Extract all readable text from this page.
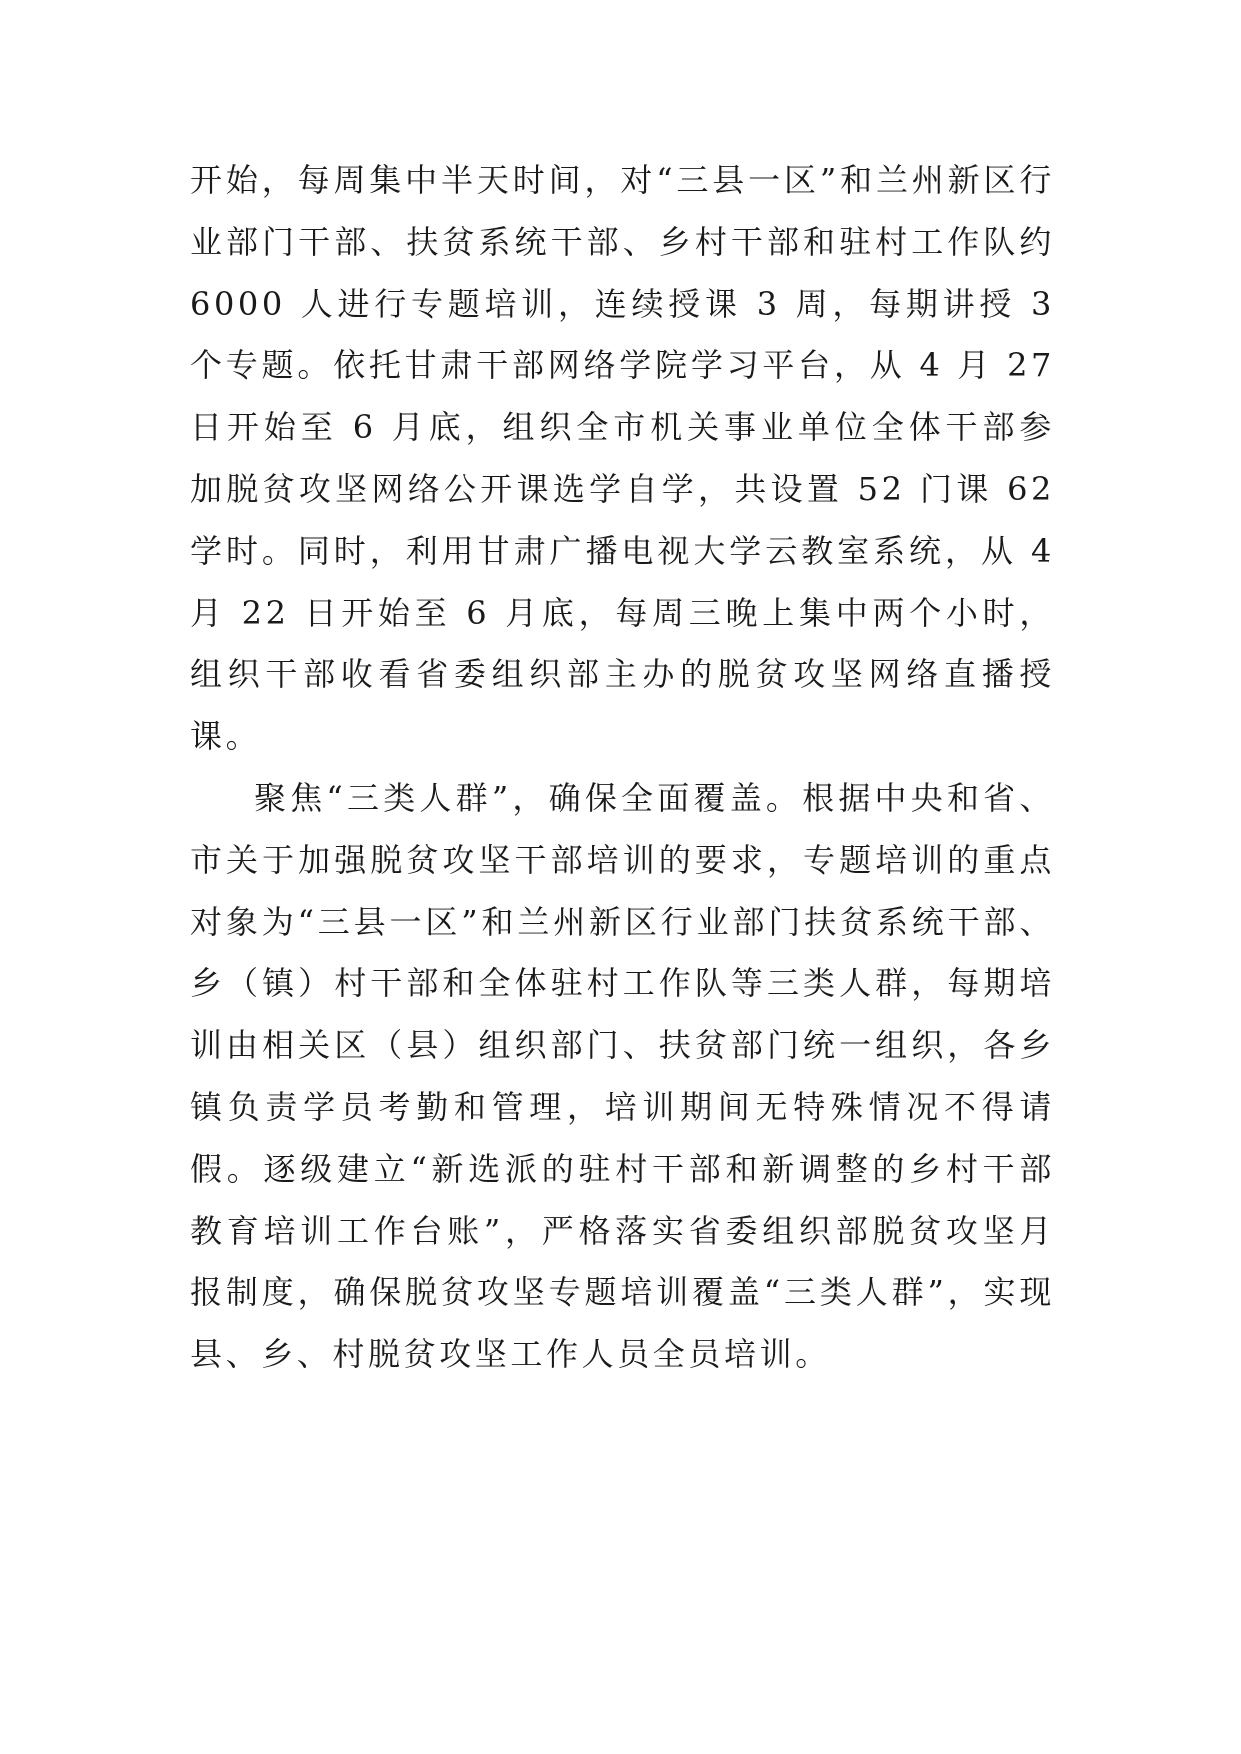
开始，每周集中半天时间，对“三县一区”和兰州新区行业部门干部、扶贫系统干部、乡村干部和驻村工作队约 6000 人进行专题培训，连续授课 3 周，每期讲授 3 个专题。依托甘肃干部网络学院学习平台，从 4 月 27 日开始至 6 月底，组织全市机关事业单位全体干部参加脱贫攻坚网络公开课选学自学，共设置 52 门课 62 学时。同时，利用甘肃广播电视大学云教室系统，从 4 月 22 日开始至 6 月底，每周三晚上集中两个小时，组织干部收看省委组织部主办的脱贫攻坚网络直播授课。

聚焦“三类人群”，确保全面覆盖。根据中央和省、市关于加强脱贫攻坚干部培训的要求，专题培训的重点对象为“三县一区”和兰州新区行业部门扶贫系统干部、乡（镇）村干部和全体驻村工作队等三类人群，每期培训由相关区（县）组织部门、扶贫部门统一组织，各乡镇负责学员考勤和管理，培训期间无特殊情况不得请假。逐级建立“新选派的驻村干部和新调整的乡村干部教育培训工作台账”，严格落实省委组织部脱贫攻坚月报制度，确保脱贫攻坚专题培训覆盖“三类人群”，实现县、乡、村脱贫攻坚工作人员全员培训。
